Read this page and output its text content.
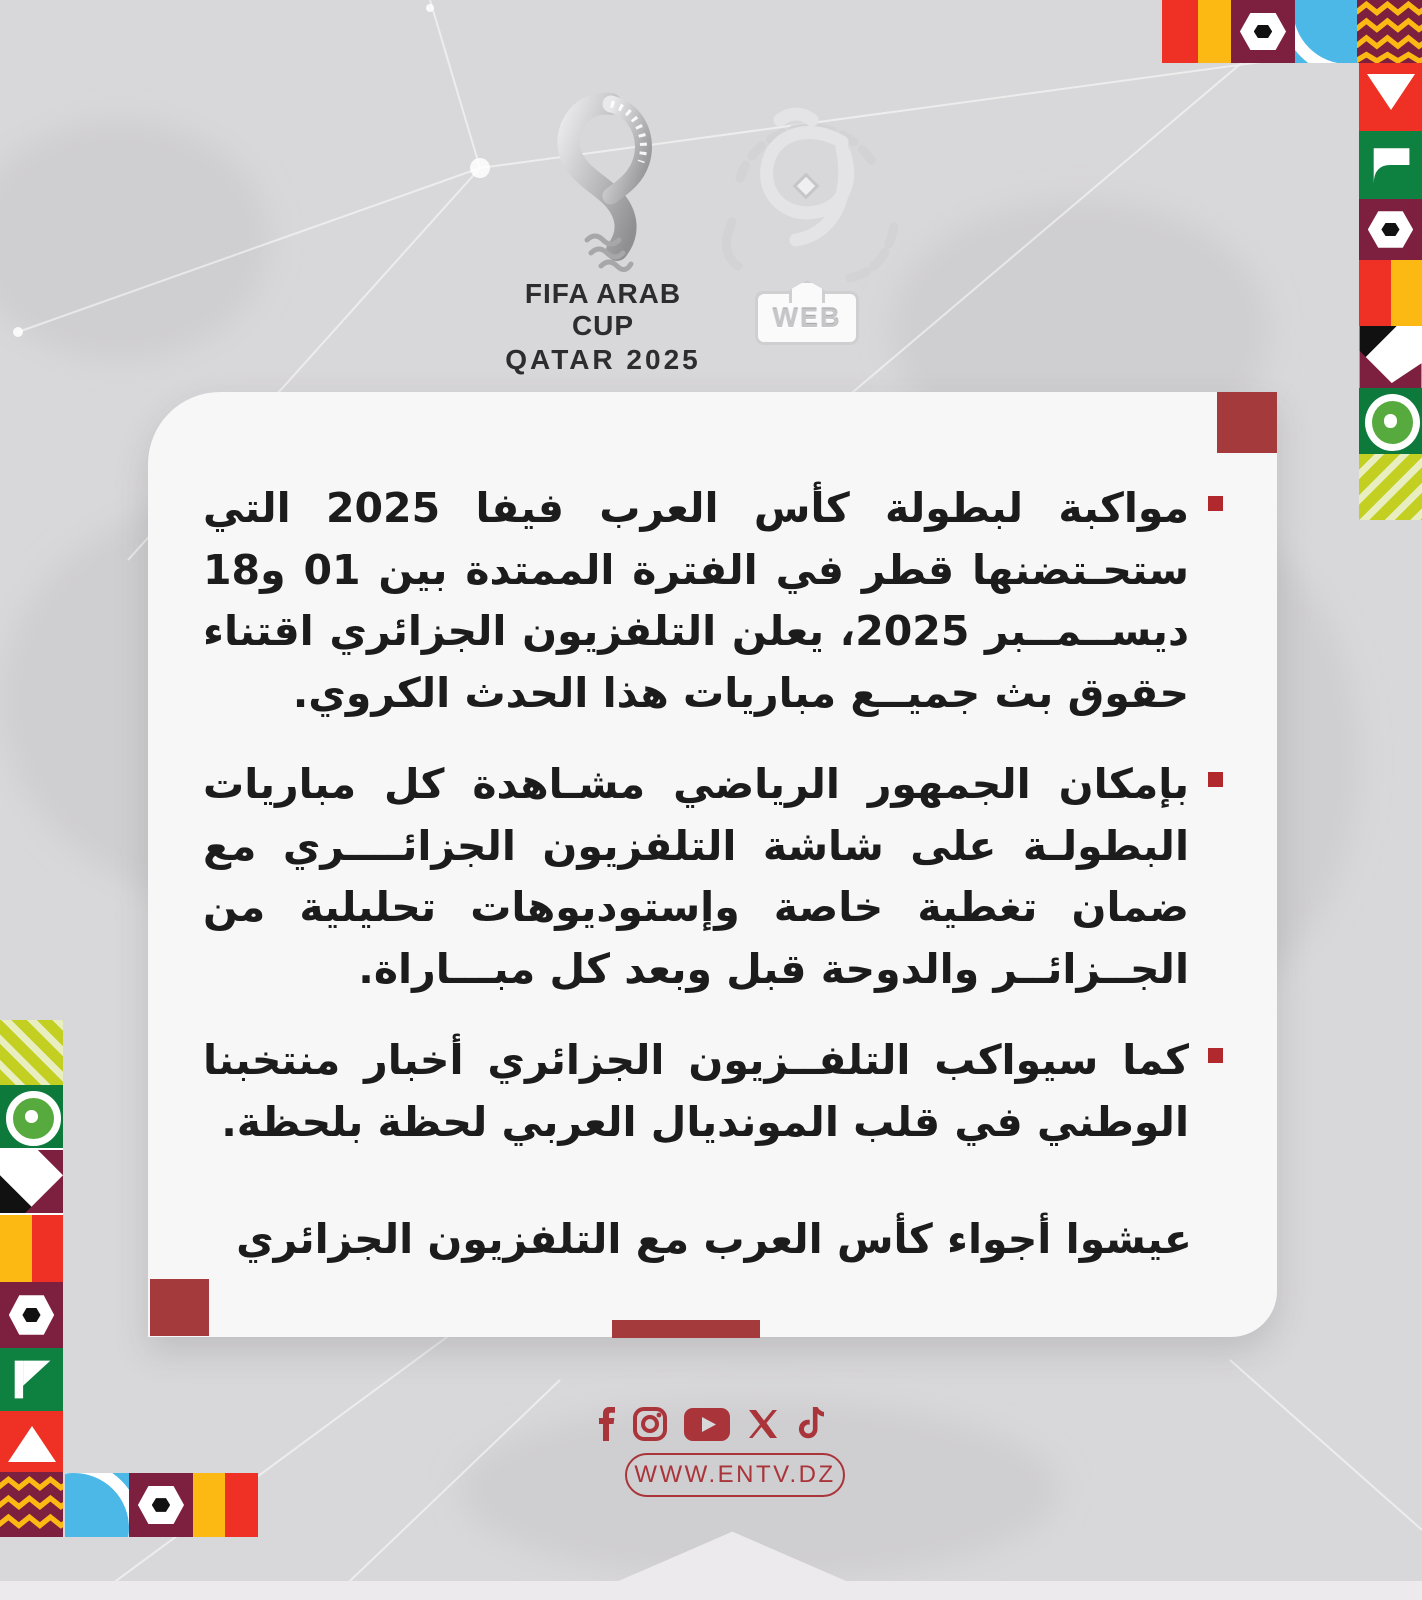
FIFA ARAB CUP

QATAR 2025

WEB

مواكبة لبطولة كأس العرب فيفا 2025 التي ستحـتضنها قطر في الفترة الممتدة بين 01 و18 ديســمــبر 2025، يعلن التلفزيون الجزائري اقتناء حقوق بث جميــع مباريات هذا الحدث الكروي.

بإمكان الجمهور الرياضي مشـاهدة كل مباريات البطولـة على شاشة التلفزيون الجزائــــري مع ضمان تغطية خاصة وإستوديوهات تحليلية من الجــزائــر والدوحة قبل وبعد كل مبـــاراة.

كما سيواكب التلفــزيون الجزائري أخبار منتخبنا الوطني في قلب المونديال العربي لحظة بلحظة.

عيشوا أجواء كأس العرب مع التلفزيون الجزائري

WWW.ENTV.DZ
